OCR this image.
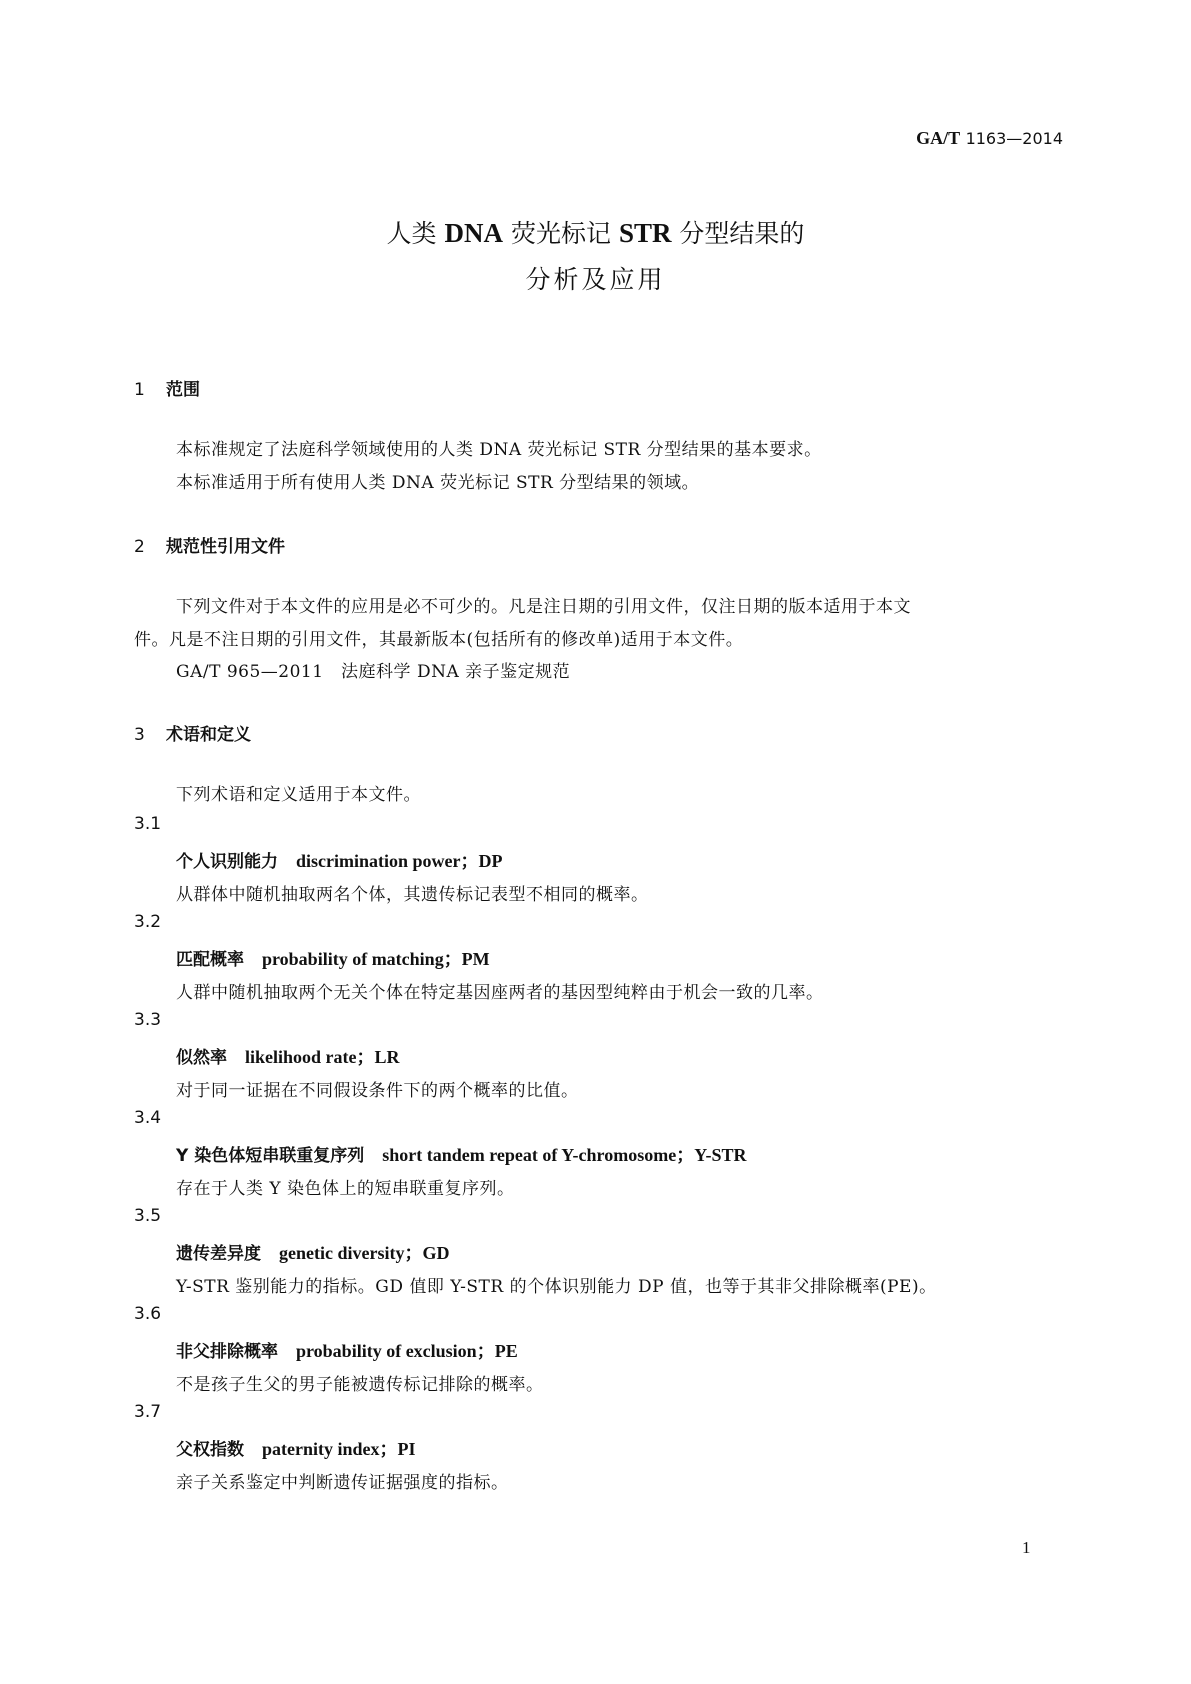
GA/T 1163—2014
人类 DNA 荧光标记 STR 分型结果的
分析及应用
1 范围
本标准规定了法庭科学领域使用的人类 DNA 荧光标记 STR 分型结果的基本要求。
本标准适用于所有使用人类 DNA 荧光标记 STR 分型结果的领域。
2 规范性引用文件
下列文件对于本文件的应用是必不可少的。凡是注日期的引用文件，仅注日期的版本适用于本文
件。凡是不注日期的引用文件，其最新版本(包括所有的修改单)适用于本文件。
GA/T 965—2011　法庭科学 DNA 亲子鉴定规范
3 术语和定义
下列术语和定义适用于本文件。
3.1
个人识别能力 discrimination power；DP
从群体中随机抽取两名个体，其遗传标记表型不相同的概率。
3.2
匹配概率 probability of matching；PM
人群中随机抽取两个无关个体在特定基因座两者的基因型纯粹由于机会一致的几率。
3.3
似然率 likelihood rate；LR
对于同一证据在不同假设条件下的两个概率的比值。
3.4
Y 染色体短串联重复序列 short tandem repeat of Y-chromosome；Y-STR
存在于人类 Y 染色体上的短串联重复序列。
3.5
遗传差异度 genetic diversity；GD
Y-STR 鉴别能力的指标。GD 值即 Y-STR 的个体识别能力 DP 值，也等于其非父排除概率(PE)。
3.6
非父排除概率 probability of exclusion；PE
不是孩子生父的男子能被遗传标记排除的概率。
3.7
父权指数 paternity index；PI
亲子关系鉴定中判断遗传证据强度的指标。
1
